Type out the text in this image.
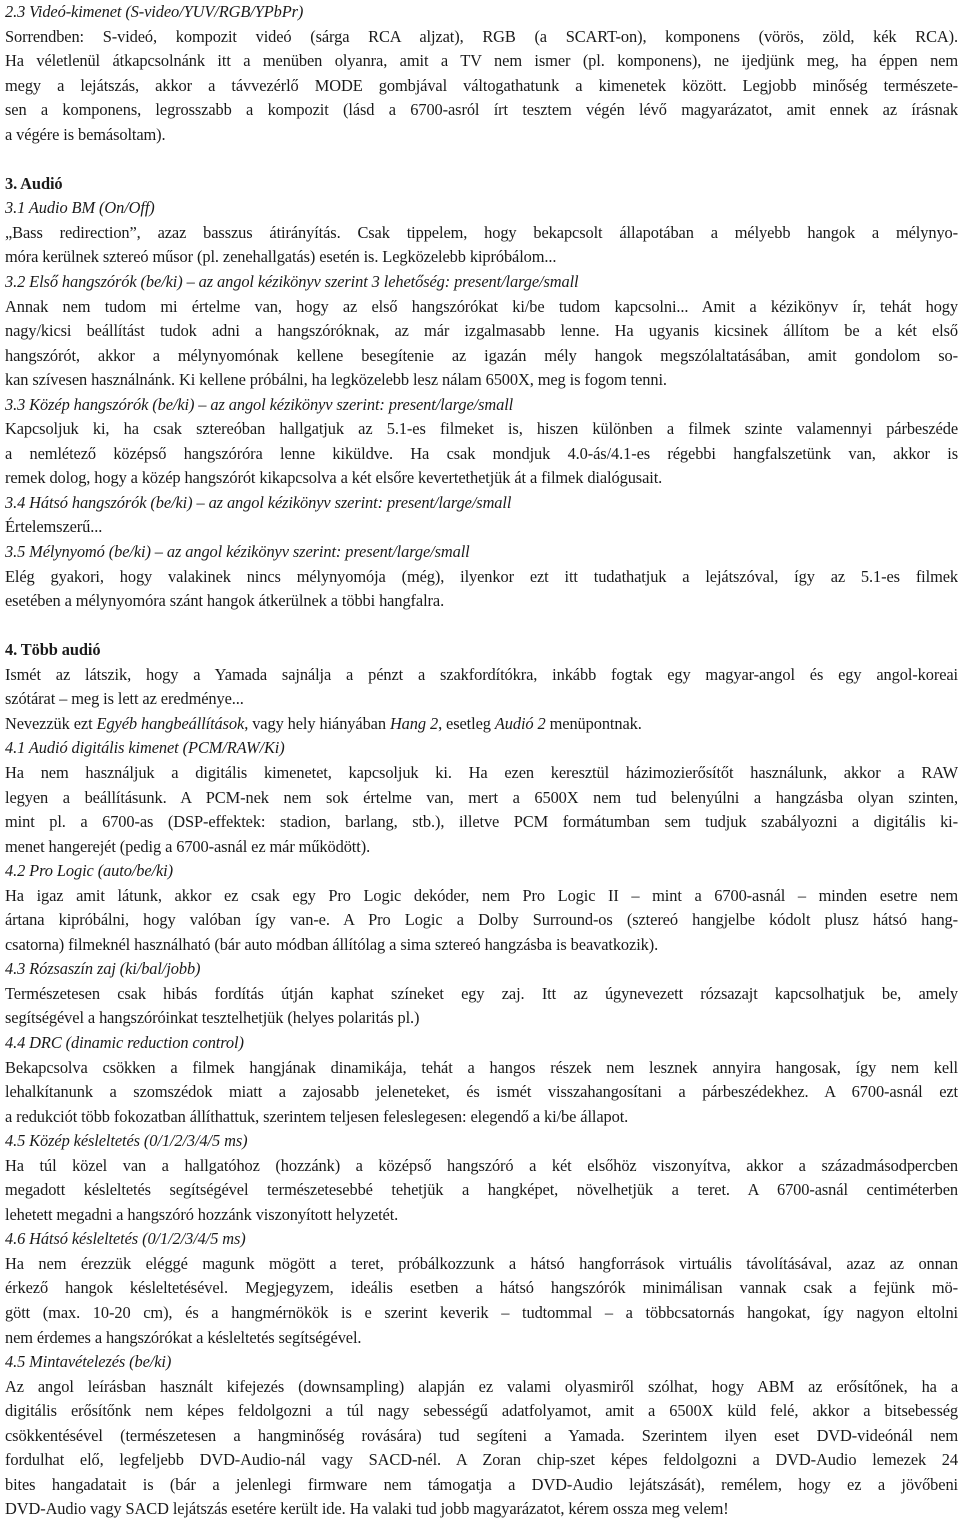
2.3 Videó-kimenet (S-video/YUV/RGB/YPbPr)
Sorrendben: S-videó, kompozit videó (sárga RCA aljzat), RGB (a SCART-on), komponens (vörös, zöld, kék RCA).
Ha véletlenül átkapcsolnánk itt a menüben olyanra, amit a TV nem ismer (pl. komponens), ne ijedjünk meg, ha éppen nem
megy a lejátszás, akkor a távvezérlő MODE gombjával váltogathatunk a kimenetek között. Legjobb minőség természete-
sen a komponens, legrosszabb a kompozit (lásd a 6700-asról írt tesztem végén lévő magyarázatot, amit ennek az írásnak
a végére is bemásoltam).
3. Audió
3.1 Audio BM (On/Off)
„Bass redirection”, azaz basszus átirányítás. Csak tippelem, hogy bekapcsolt állapotában a mélyebb hangok a mélynyo-
móra kerülnek sztereó műsor (pl. zenehallgatás) esetén is. Legközelebb kipróbálom...
3.2 Első hangszórók (be/ki) – az angol kézikönyv szerint 3 lehetőség: present/large/small
Annak nem tudom mi értelme van, hogy az első hangszórókat ki/be tudom kapcsolni... Amit a kézikönyv ír, tehát hogy
nagy/kicsi beállítást tudok adni a hangszóróknak, az már izgalmasabb lenne. Ha ugyanis kicsinek állítom be a két első
hangszórót, akkor a mélynyomónak kellene besegítenie az igazán mély hangok megszólaltatásában, amit gondolom so-
kan szívesen használnánk. Ki kellene próbálni, ha legközelebb lesz nálam 6500X, meg is fogom tenni.
3.3 Közép hangszórók (be/ki) – az angol kézikönyv szerint: present/large/small
Kapcsoljuk ki, ha csak sztereóban hallgatjuk az 5.1-es filmeket is, hiszen különben a filmek szinte valamennyi párbeszéde
a nemlétező középső hangszóróra lenne kiküldve. Ha csak mondjuk 4.0-ás/4.1-es régebbi hangfalszetünk van, akkor is
remek dolog, hogy a közép hangszórót kikapcsolva a két elsőre kevertethetjük át a filmek dialógusait.
3.4 Hátsó hangszórók (be/ki) – az angol kézikönyv szerint: present/large/small
Értelemszerű...
3.5 Mélynyomó (be/ki) – az angol kézikönyv szerint: present/large/small
Elég gyakori, hogy valakinek nincs mélynyomója (még), ilyenkor ezt itt tudathatjuk a lejátszóval, így az 5.1-es filmek
esetében a mélynyomóra szánt hangok átkerülnek a többi hangfalra.
4. Több audió
Ismét az látszik, hogy a Yamada sajnálja a pénzt a szakfordítókra, inkább fogtak egy magyar-angol és egy angol-koreai
szótárat – meg is lett az eredménye...
Nevezzük ezt Egyéb hangbeállítások, vagy hely hiányában Hang 2, esetleg Audió 2 menüpontnak.
4.1 Audió digitális kimenet (PCM/RAW/Ki)
Ha nem használjuk a digitális kimenetet, kapcsoljuk ki. Ha ezen keresztül házimozierősítőt használunk, akkor a RAW
legyen a beállításunk. A PCM-nek nem sok értelme van, mert a 6500X nem tud belenyúlni a hangzásba olyan szinten,
mint pl. a 6700-as (DSP-effektek: stadion, barlang, stb.), illetve PCM formátumban sem tudjuk szabályozni a digitális ki-
menet hangerejét (pedig a 6700-asnál ez már működött).
4.2 Pro Logic (auto/be/ki)
Ha igaz amit látunk, akkor ez csak egy Pro Logic dekóder, nem Pro Logic II – mint a 6700-asnál – minden esetre nem
ártana kipróbálni, hogy valóban így van-e. A Pro Logic a Dolby Surround-os (sztereó hangjelbe kódolt plusz hátsó hang-
csatorna) filmeknél használható (bár auto módban állítólag a sima sztereó hangzásba is beavatkozik).
4.3 Rózsaszín zaj (ki/bal/jobb)
Természetesen csak hibás fordítás útján kaphat színeket egy zaj. Itt az úgynevezett rózsazajt kapcsolhatjuk be, amely
segítségével a hangszóróinkat tesztelhetjük (helyes polaritás pl.)
4.4 DRC (dinamic reduction control)
Bekapcsolva csökken a filmek hangjának dinamikája, tehát a hangos részek nem lesznek annyira hangosak, így nem kell
lehalkítanunk a szomszédok miatt a zajosabb jeleneteket, és ismét visszahangosítani a párbeszédekhez. A 6700-asnál ezt
a redukciót több fokozatban állíthattuk, szerintem teljesen feleslegesen: elegendő a ki/be állapot.
4.5 Közép késleltetés (0/1/2/3/4/5 ms)
Ha túl közel van a hallgatóhoz (hozzánk) a középső hangszóró a két elsőhöz viszonyítva, akkor a századmásodpercben
megadott késleltetés segítségével természetesebbé tehetjük a hangképet, növelhetjük a teret. A 6700-asnál centiméterben
lehetett megadni a hangszóró hozzánk viszonyított helyzetét.
4.6 Hátsó késleltetés (0/1/2/3/4/5 ms)
Ha nem érezzük eléggé magunk mögött a teret, próbálkozzunk a hátsó hangforrások virtuális távolításával, azaz az onnan
érkező hangok késleltetésével. Megjegyzem, ideális esetben a hátsó hangszórók minimálisan vannak csak a fejünk mö-
gött (max. 10-20 cm), és a hangmérnökök is e szerint keverik – tudtommal – a többcsatornás hangokat, így nagyon eltolni
nem érdemes a hangszórókat a késleltetés segítségével.
4.5 Mintavételezés (be/ki)
Az angol leírásban használt kifejezés (downsampling) alapján ez valami olyasmiről szólhat, hogy ABM az erősítőnek, ha a
digitális erősítőnk nem képes feldolgozni a túl nagy sebességű adatfolyamot, amit a 6500X küld felé, akkor a bitsebesség
csökkentésével (természetesen a hangminőség rovására) tud segíteni a Yamada. Szerintem ilyen eset DVD-videónál nem
fordulhat elő, legfeljebb DVD-Audio-nál vagy SACD-nél. A Zoran chip-szet képes feldolgozni a DVD-Audio lemezek 24
bites hangadatait is (bár a jelenlegi firmware nem támogatja a DVD-Audio lejátszását), remélem, hogy ez a jövőbeni
DVD-Audio vagy SACD lejátszás esetére került ide. Ha valaki tud jobb magyarázatot, kérem ossza meg velem!
